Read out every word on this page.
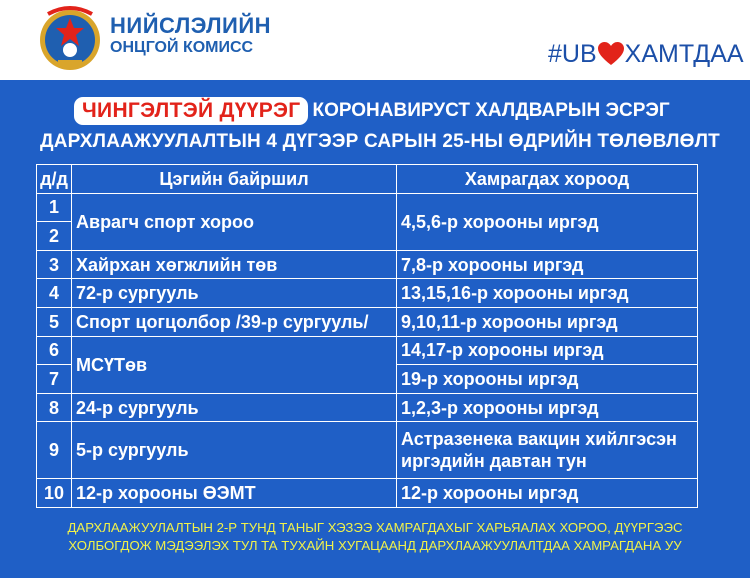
НИЙСЛЭЛИЙН
ОНЦГОЙ КОМИСС	#UB ХАМТДАА
ЧИНГЭЛТЭЙ ДҮҮРЭГ КОРОНАВИРУСТ ХАЛДВАРЫН ЭСРЭГ
ДАРХЛААЖУУЛАЛТЫН 4 ДҮГЭЭР САРЫН 25-НЫ ӨДРИЙН ТӨЛӨВЛӨЛТ
д/д	Цэгийн байршил	Хамрагдах хороод
1	Аврагч спорт хороо	4,5,6-р хорооны иргэд
2		
3	Хайрхан хөгжлийн төв	7,8-р хорооны иргэд
4	72-р сургууль	13,15,16-р хорооны иргэд
5	Спорт цогцолбор /39-р сургууль/	9,10,11-р хорооны иргэд
6	МСҮТөв	14,17-р хорооны иргэд
7		19-р хорооны иргэд
8	24-р сургууль	1,2,3-р хорооны иргэд
9	5-р сургууль	Астразенека вакцин хийлгэсэн иргэдийн давтан тун
10	12-р хорооны ӨЭМТ	12-р хорооны иргэд
ДАРХЛААЖУУЛАЛТЫН 2-Р ТУНД ТАНЫГ ХЭЗЭЭ ХАМРАГДАХЫГ ХАРЬЯАЛАХ ХОРОО, ДҮҮРГЭЭС
ХОЛБОГДОЖ МЭДЭЭЛЭХ ТУЛ ТА ТУХАЙН ХУГАЦААНД ДАРХЛААЖУУЛАЛТДАА ХАМРАГДАНА УУ
